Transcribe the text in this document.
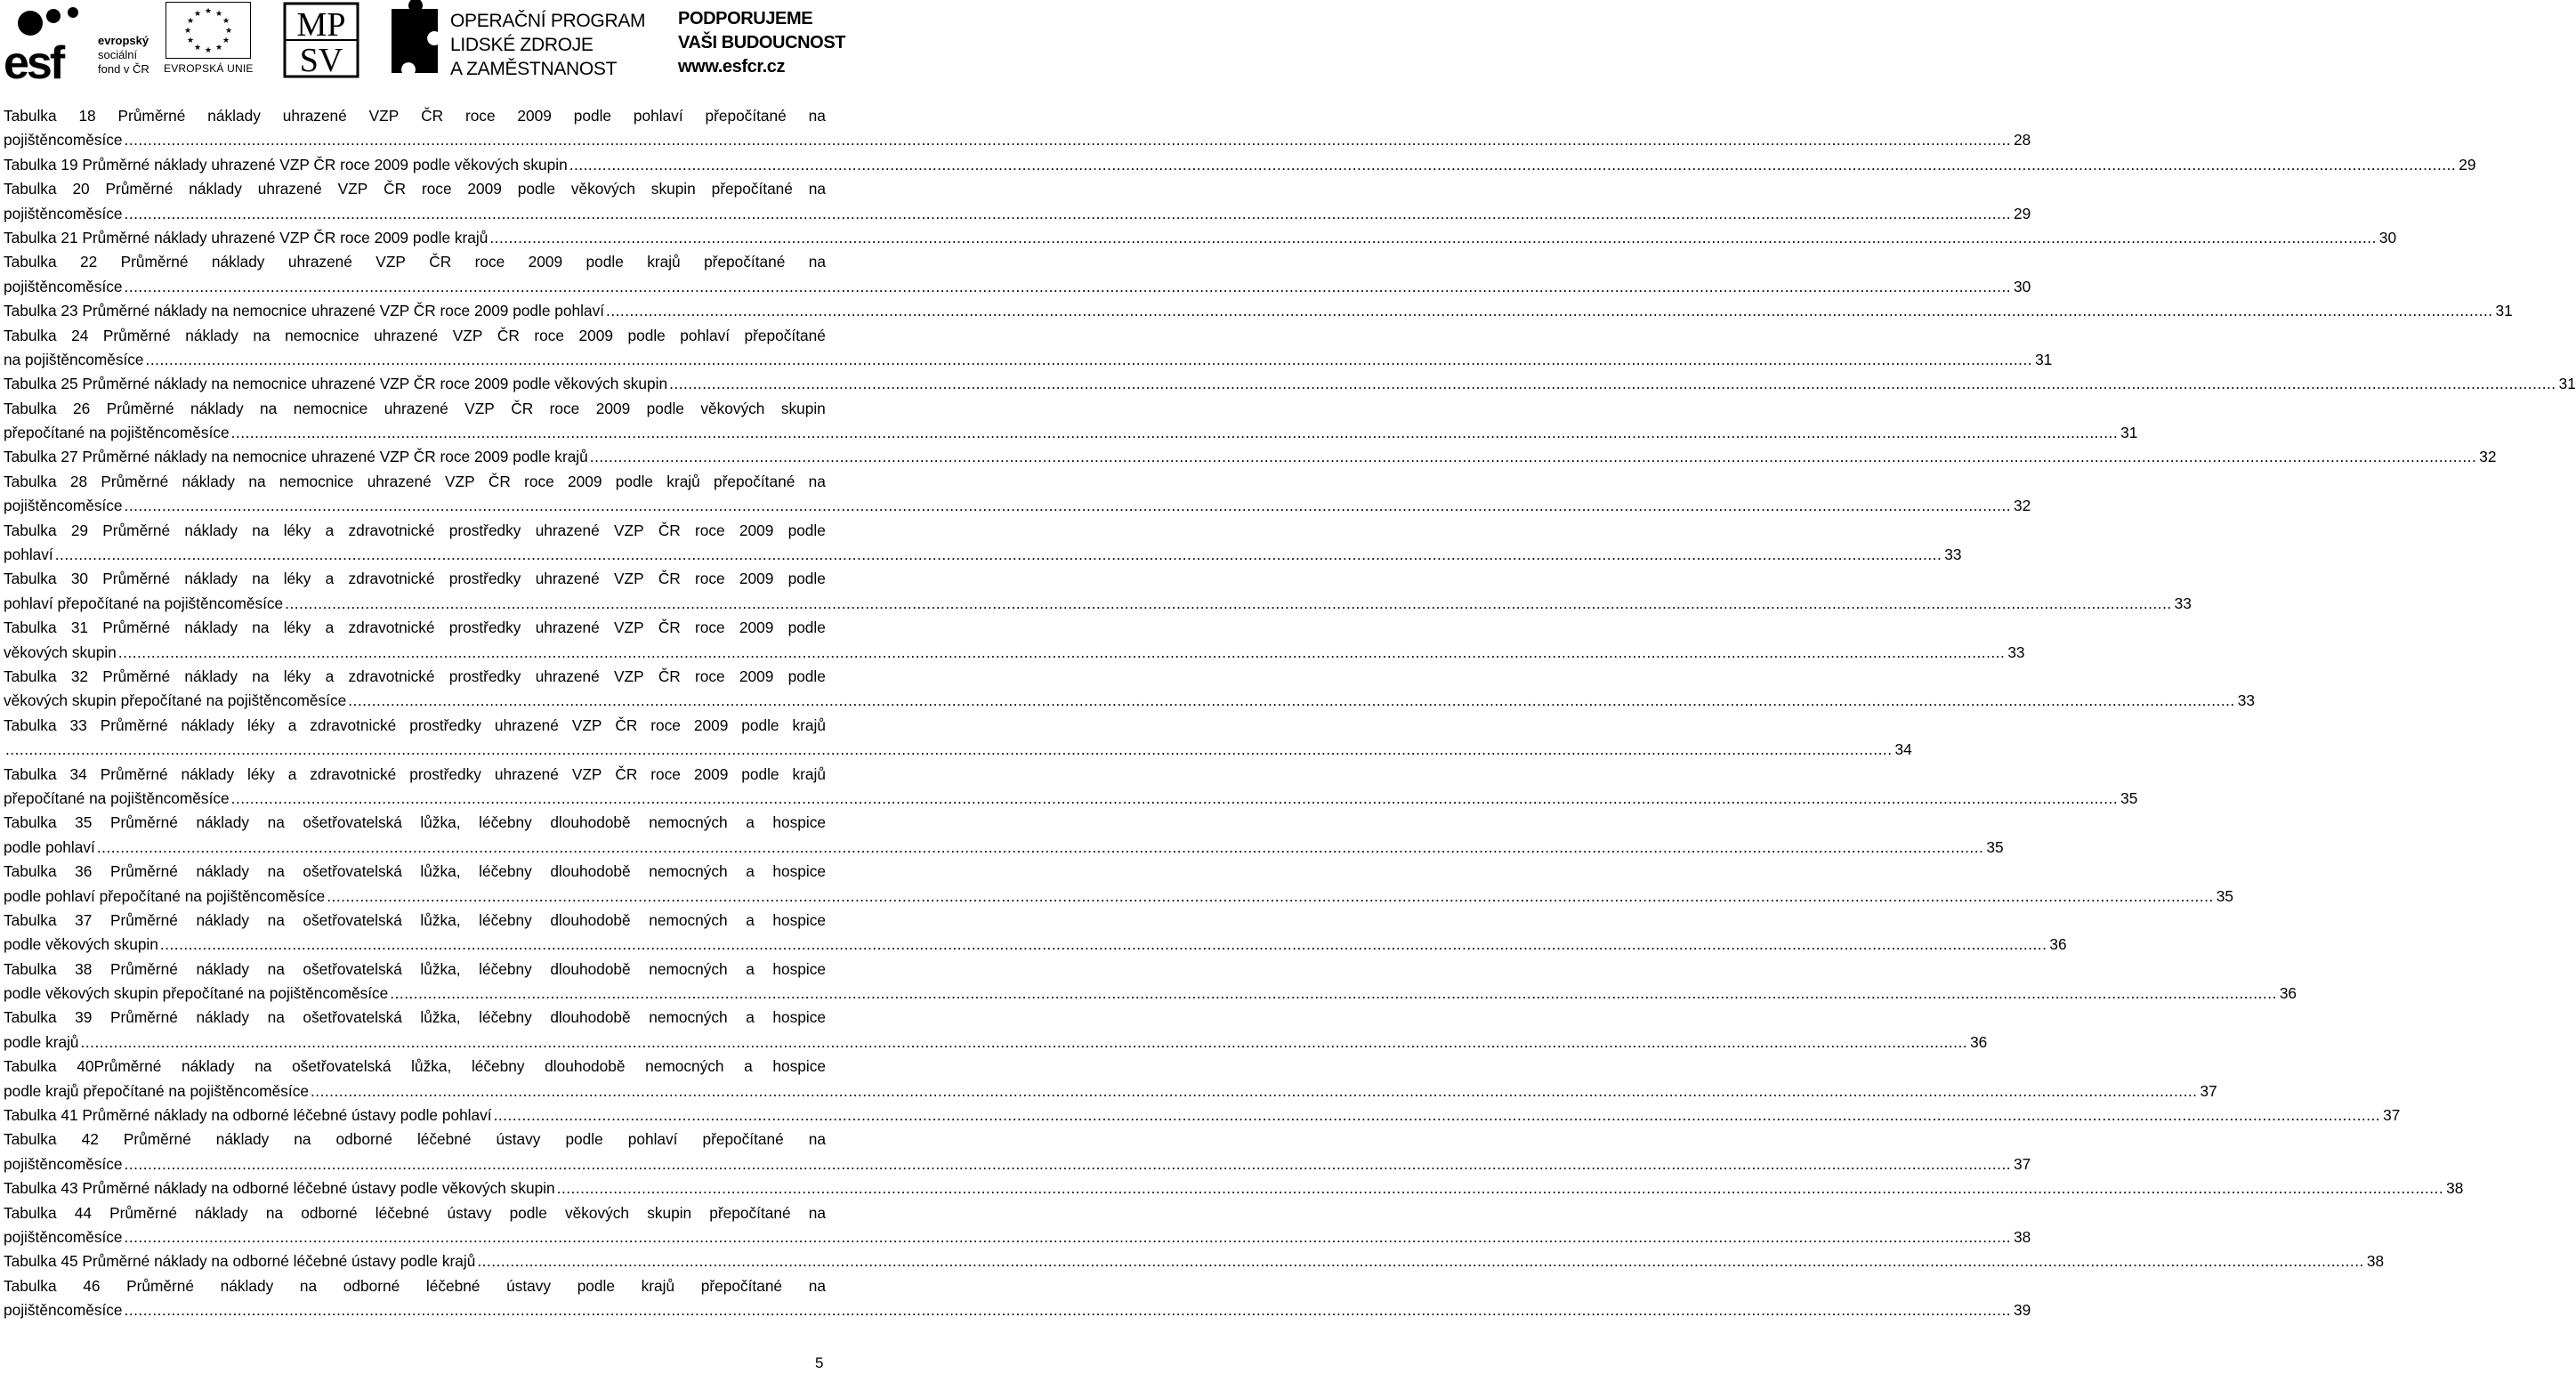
esf	evropský
sociální
fond v ČR
★ ★
★
★
★
★
★
★
★
★
★
★
EVROPSKÁ UNIE
MP
SV
OPERAČNÍ PROGRAM
LIDSKÉ ZDROJE
A ZAMĚSTNANOST
PODPORUJEME
VAŠI BUDOUCNOST
www.esfcr.cz
Tabulka 18 Průměrné náklady uhrazené VZP ČR roce 2009 podle pohlaví přepočítané na
pojištěncoměsíce ................................................................................................................................................................................................................................................................................................................................................................................................................ 28
Tabulka 19 Průměrné náklady uhrazené VZP ČR roce 2009 podle věkových skupin ................................................................................................................................................................................................................................................................................................................................................................................................................ 29
Tabulka 20 Průměrné náklady uhrazené VZP ČR roce 2009 podle věkových skupin přepočítané na
pojištěncoměsíce ................................................................................................................................................................................................................................................................................................................................................................................................................ 29
Tabulka 21 Průměrné náklady uhrazené VZP ČR roce 2009 podle krajů ................................................................................................................................................................................................................................................................................................................................................................................................................ 30
Tabulka 22 Průměrné náklady uhrazené VZP ČR roce 2009 podle krajů přepočítané na
pojištěncoměsíce ................................................................................................................................................................................................................................................................................................................................................................................................................ 30
Tabulka 23 Průměrné náklady na nemocnice uhrazené VZP ČR roce 2009 podle pohlaví ................................................................................................................................................................................................................................................................................................................................................................................................................ 31
Tabulka 24 Průměrné náklady na nemocnice uhrazené VZP ČR roce 2009 podle pohlaví přepočítané
na pojištěncoměsíce ................................................................................................................................................................................................................................................................................................................................................................................................................ 31
Tabulka 25 Průměrné náklady na nemocnice uhrazené VZP ČR roce 2009 podle věkových skupin ................................................................................................................................................................................................................................................................................................................................................................................................................ 31
Tabulka 26 Průměrné náklady na nemocnice uhrazené VZP ČR roce 2009 podle věkových skupin
přepočítané na pojištěncoměsíce ................................................................................................................................................................................................................................................................................................................................................................................................................ 31
Tabulka 27 Průměrné náklady na nemocnice uhrazené VZP ČR roce 2009 podle krajů ................................................................................................................................................................................................................................................................................................................................................................................................................ 32
Tabulka 28 Průměrné náklady na nemocnice uhrazené VZP ČR roce 2009 podle krajů přepočítané na
pojištěncoměsíce ................................................................................................................................................................................................................................................................................................................................................................................................................ 32
Tabulka 29 Průměrné náklady na léky a zdravotnické prostředky uhrazené VZP ČR roce 2009 podle
pohlaví ................................................................................................................................................................................................................................................................................................................................................................................................................ 33
Tabulka 30 Průměrné náklady na léky a zdravotnické prostředky uhrazené VZP ČR roce 2009 podle
pohlaví přepočítané na pojištěncoměsíce ................................................................................................................................................................................................................................................................................................................................................................................................................ 33
Tabulka 31 Průměrné náklady na léky a zdravotnické prostředky uhrazené VZP ČR roce 2009 podle
věkových skupin ................................................................................................................................................................................................................................................................................................................................................................................................................ 33
Tabulka 32 Průměrné náklady na léky a zdravotnické prostředky uhrazené VZP ČR roce 2009 podle
věkových skupin přepočítané na pojištěncoměsíce ................................................................................................................................................................................................................................................................................................................................................................................................................ 33
Tabulka 33 Průměrné náklady léky a zdravotnické prostředky uhrazené VZP ČR roce 2009 podle krajů
................................................................................................................................................................................................................................................................................................................................................................................................................ 34
Tabulka 34 Průměrné náklady léky a zdravotnické prostředky uhrazené VZP ČR roce 2009 podle krajů
přepočítané na pojištěncoměsíce ................................................................................................................................................................................................................................................................................................................................................................................................................ 35
Tabulka 35 Průměrné náklady na ošetřovatelská lůžka, léčebny dlouhodobě nemocných a hospice
podle pohlaví ................................................................................................................................................................................................................................................................................................................................................................................................................ 35
Tabulka 36 Průměrné náklady na ošetřovatelská lůžka, léčebny dlouhodobě nemocných a hospice
podle pohlaví přepočítané na pojištěncoměsíce ................................................................................................................................................................................................................................................................................................................................................................................................................ 35
Tabulka 37 Průměrné náklady na ošetřovatelská lůžka, léčebny dlouhodobě nemocných a hospice
podle věkových skupin ................................................................................................................................................................................................................................................................................................................................................................................................................ 36
Tabulka 38 Průměrné náklady na ošetřovatelská lůžka, léčebny dlouhodobě nemocných a hospice
podle věkových skupin přepočítané na pojištěncoměsíce ................................................................................................................................................................................................................................................................................................................................................................................................................ 36
Tabulka 39 Průměrné náklady na ošetřovatelská lůžka, léčebny dlouhodobě nemocných a hospice
podle krajů ................................................................................................................................................................................................................................................................................................................................................................................................................ 36
Tabulka 40Průměrné náklady na ošetřovatelská lůžka, léčebny dlouhodobě nemocných a hospice
podle krajů přepočítané na pojištěncoměsíce ................................................................................................................................................................................................................................................................................................................................................................................................................ 37
Tabulka 41 Průměrné náklady na odborné léčebné ústavy podle pohlaví ................................................................................................................................................................................................................................................................................................................................................................................................................ 37
Tabulka 42 Průměrné náklady na odborné léčebné ústavy podle pohlaví přepočítané na
pojištěncoměsíce ................................................................................................................................................................................................................................................................................................................................................................................................................ 37
Tabulka 43 Průměrné náklady na odborné léčebné ústavy podle věkových skupin ................................................................................................................................................................................................................................................................................................................................................................................................................ 38
Tabulka 44 Průměrné náklady na odborné léčebné ústavy podle věkových skupin přepočítané na
pojištěncoměsíce ................................................................................................................................................................................................................................................................................................................................................................................................................ 38
Tabulka 45 Průměrné náklady na odborné léčebné ústavy podle krajů ................................................................................................................................................................................................................................................................................................................................................................................................................ 38
Tabulka 46 Průměrné náklady na odborné léčebné ústavy podle krajů přepočítané na
pojištěncoměsíce ................................................................................................................................................................................................................................................................................................................................................................................................................ 39
5
